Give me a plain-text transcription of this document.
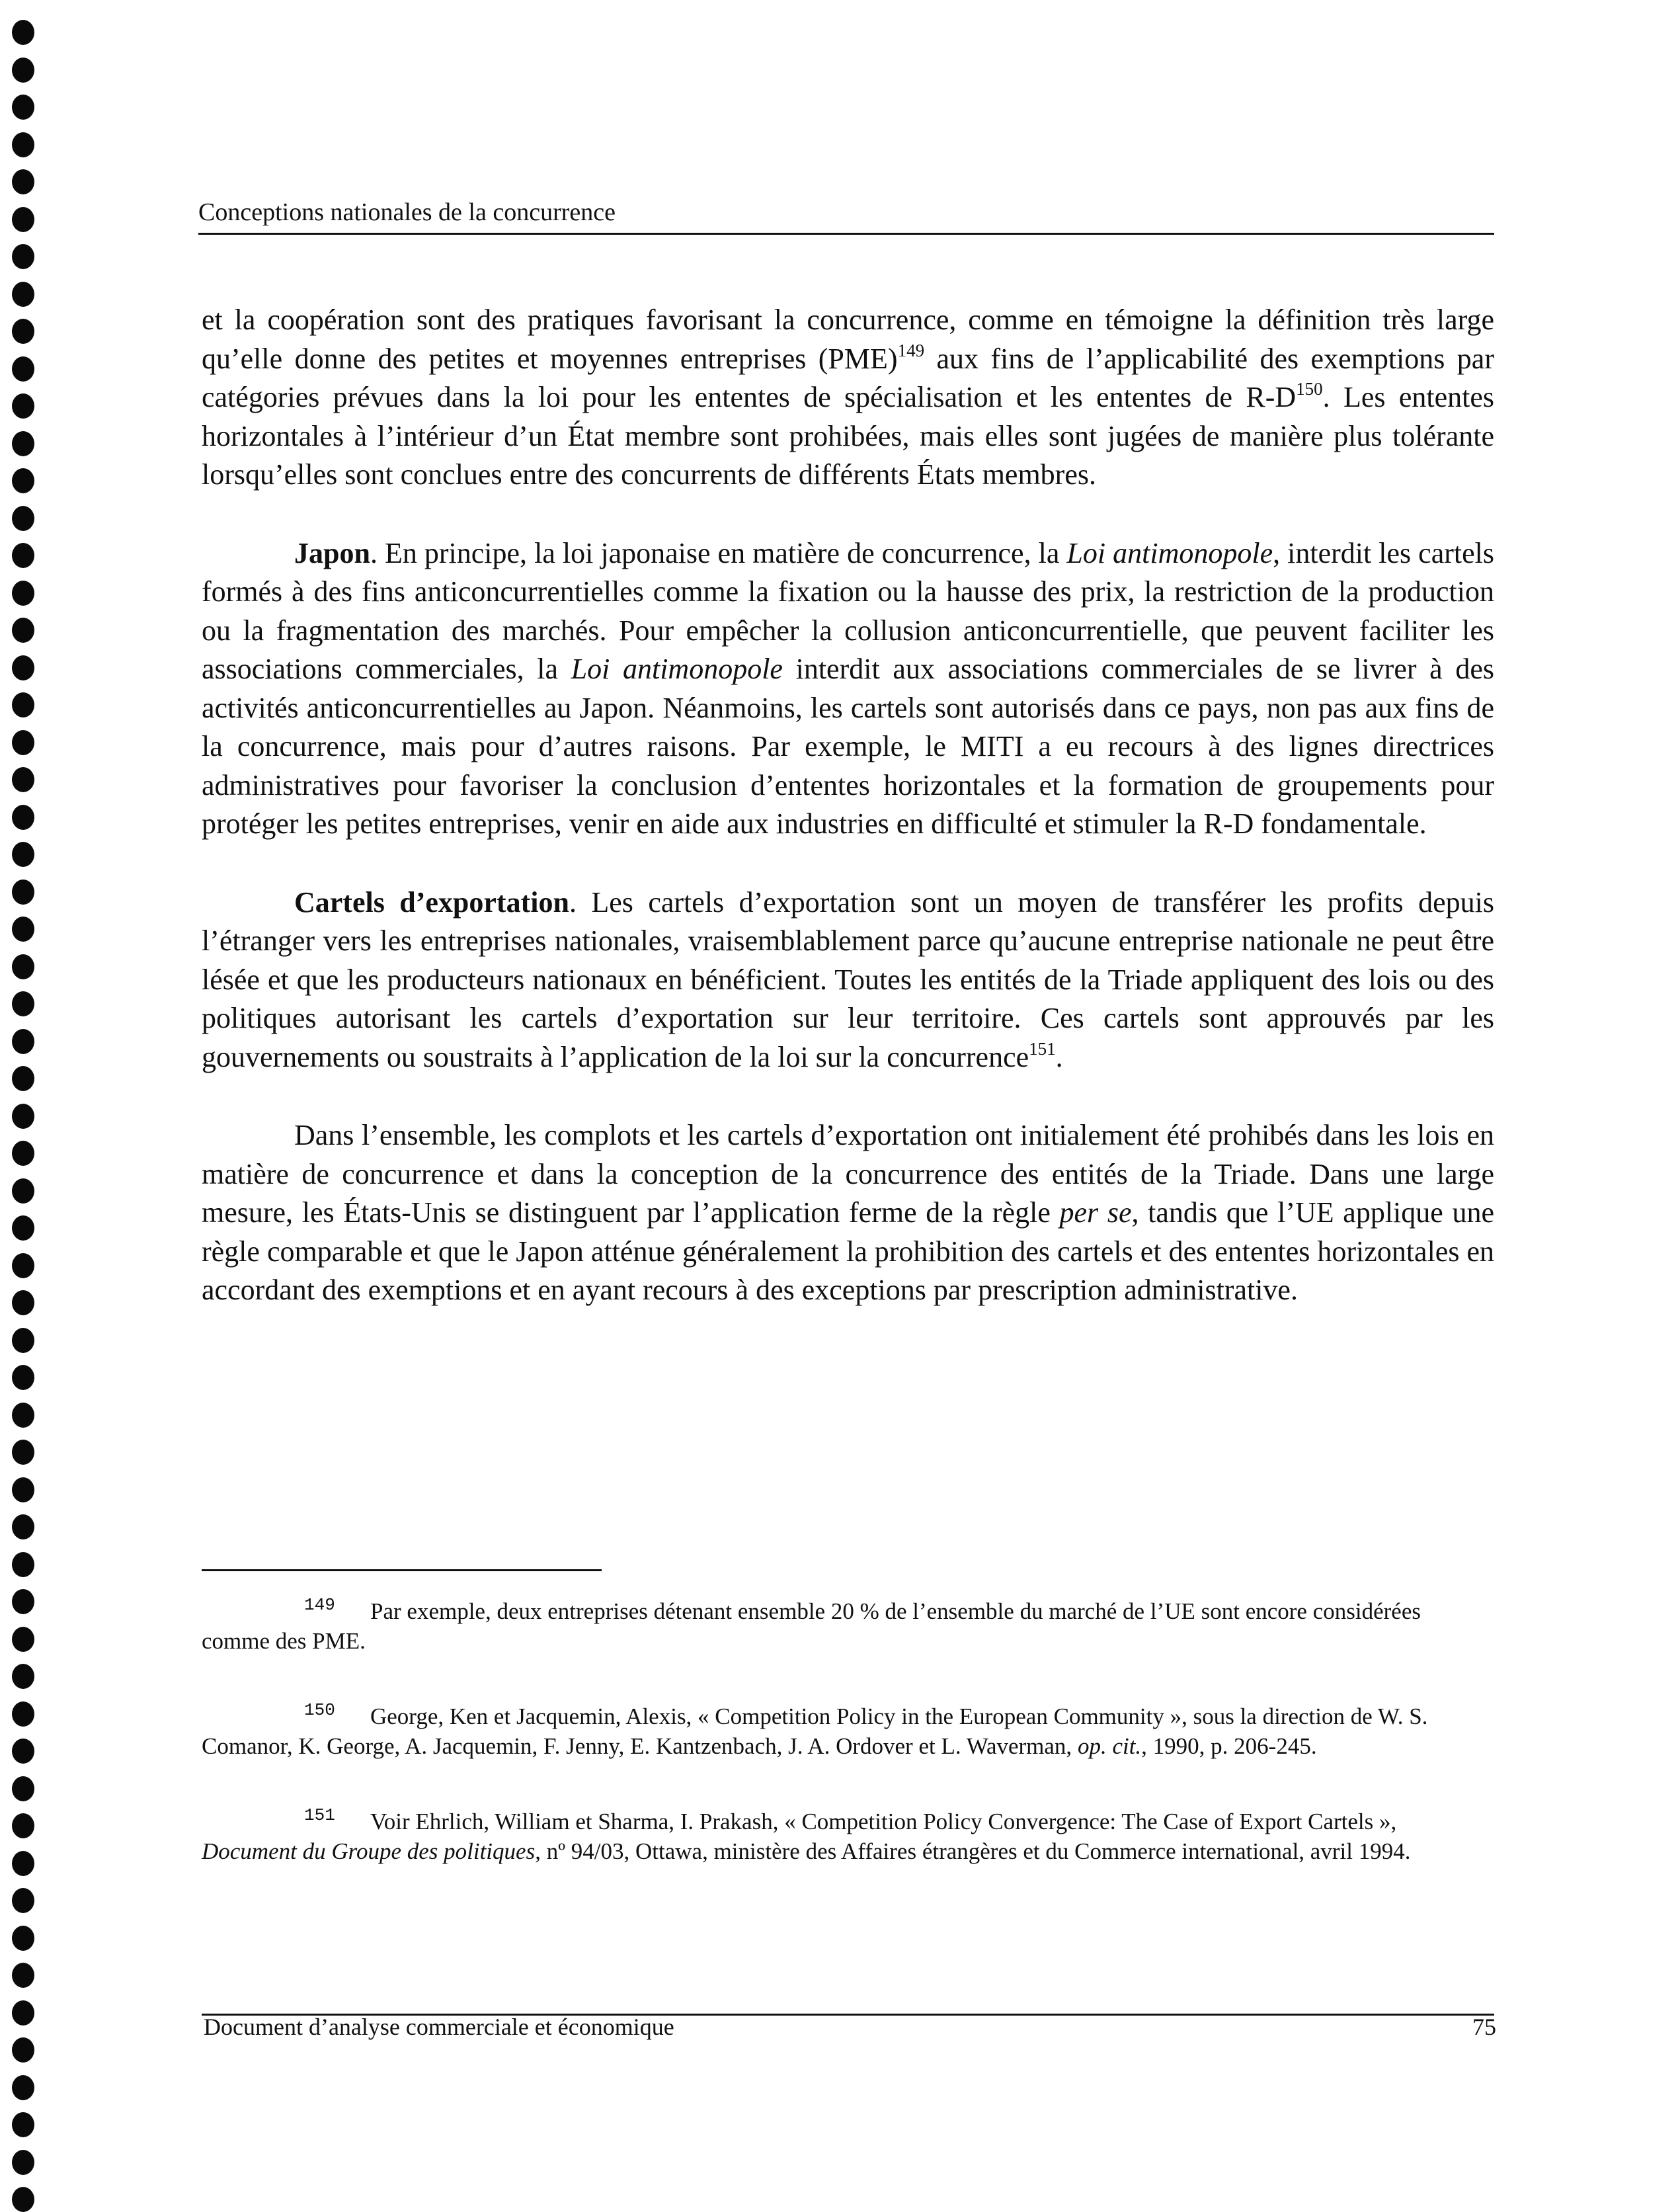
Conceptions nationales de la concurrence

et la coopération sont des pratiques favorisant la concurrence, comme en témoigne la définition très large qu’elle donne des petites et moyennes entreprises (PME)$^{149}$ aux fins de l’applicabilité des exemptions par catégories prévues dans la loi pour les ententes de spécialisation et les ententes de $R-D^{150}$. Les ententes horizontales à l’intérieur d’un État membre sont prohibées, mais elles sont jugées de manière plus tolérante lorsqu’elles sont conclues entre des concurrents de différents États membres.

Japon. En principe, la loi japonaise en matière de concurrence, la Loi antimonopole, interdit les cartels formés à des fins anticoncurrentielles comme la fixation ou la hausse des prix, la restriction de la production ou la fragmentation des marchés. Pour empêcher la collusion anticoncurrentielle, que peuvent faciliter les associations commerciales, la Loi antimonopole interdit aux associations commerciales de se livrer à des activités anticoncurrentielles au Japon. Néanmoins, les cartels sont autorisés dans ce pays, non pas aux fins de la concurrence, mais pour d’autres raisons. Par exemple, le MITI a eu recours à des lignes directrices administratives pour favoriser la conclusion d’ententes horizontales et la formation de groupements pour protéger les petites entreprises, venir en aide aux industries en difficulté et stimuler la R-D fondamentale.

Cartels d’exportation. Les cartels d’exportation sont un moyen de transférer les profits depuis l’étranger vers les entreprises nationales, vraisemblablement parce qu’aucune entreprise nationale ne peut être lésée et que les producteurs nationaux en bénéficient. Toutes les entités de la Triade appliquent des lois ou des politiques autorisant les cartels d’exportation sur leur territoire. Ces cartels sont approuvés par les gouvernements ou soustraits à l’application de la loi sur la concurrence$^{151}$.

Dans l’ensemble, les complots et les cartels d’exportation ont initialement été prohibés dans les lois en matière de concurrence et dans la conception de la concurrence des entités de la Triade. Dans une large mesure, les États-Unis se distinguent par l’application ferme de la règle per se, tandis que l’UE applique une règle comparable et que le Japon atténue généralement la prohibition des cartels et des ententes horizontales en accordant des exemptions et en ayant recours à des exceptions par prescription administrative.

149 Par exemple, deux entreprises détenant ensemble 20 % de l’ensemble du marché de l’UE sont encore considérées comme des PME.
150 George, Ken et Jacquemin, Alexis, « Competition Policy in the European Community », sous la direction de W. S. Comanor, K. George, A. Jacquemin, F. Jenny, E. Kantzenbach, J. A. Ordover et L. Waverman, op. cit., 1990, p. 206-245.
151 Voir Ehrlich, William et Sharma, I. Prakash, « Competition Policy Convergence: The Case of Export Cartels », Document du Groupe des politiques, nº 94/03, Ottawa, ministère des Affaires étrangères et du Commerce international, avril 1994.
Document d’analyse commerciale et économique	75
